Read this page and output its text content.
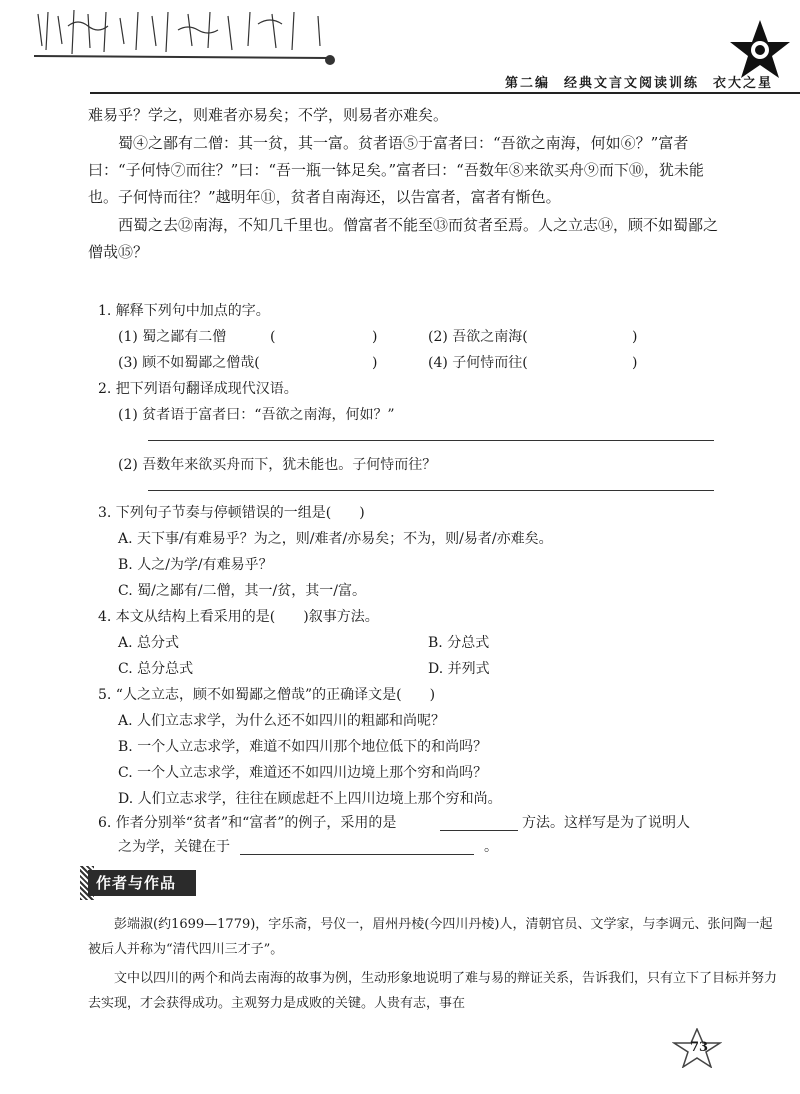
第二编 经典文言文阅读训练 衣大之星
难易乎？学之，则难者亦易矣；不学，则易者亦难矣。
蜀④之鄙有二僧：其一贫，其一富。贫者语⑤于富者曰：“吾欲之南海，何如⑥？”富者曰：“子何恃⑦而往？”曰：“吾一瓶一钵足矣。”富者曰：“吾数年⑧来欲买舟⑨而下⑩，犹未能也。子何恃而往？”越明年⑪，贫者自南海还，以告富者，富者有惭色。
西蜀之去⑫南海，不知几千里也。僧富者不能至⑬而贫者至焉。人之立志⑭，顾不如蜀鄙之僧哉⑮？
1. 解释下列句中加点的字。
(1) 蜀之鄙有二僧	(	)	(2) 吾欲之南海(	)
(3) 顾不如蜀鄙之僧哉(	)	(4) 子何恃而往(	)
2. 把下列语句翻译成现代汉语。
(1) 贫者语于富者曰：“吾欲之南海，何如？”
(2) 吾数年来欲买舟而下，犹未能也。子何恃而往？
3. 下列句子节奏与停顿错误的一组是(　　)
A. 天下事/有难易乎？为之，则/难者/亦易矣；不为，则/易者/亦难矣。
B. 人之/为学/有难易乎？
C. 蜀/之鄙有/二僧，其一/贫，其一/富。
4. 本文从结构上看采用的是(　　)叙事方法。
A. 总分式	B. 分总式
C. 总分总式	D. 并列式
5. “人之立志，顾不如蜀鄙之僧哉”的正确译文是(　　)
A. 人们立志求学，为什么还不如四川的粗鄙和尚呢？
B. 一个人立志求学，难道不如四川那个地位低下的和尚吗？
C. 一个人立志求学，难道还不如四川边境上那个穷和尚吗？
D. 人们立志求学，往往在顾虑赶不上四川边境上那个穷和尚。
6. 作者分别举“贫者”和“富者”的例子，采用的是	方法。这样写是为了说明人
之为学，关键在于	。
作者与作品
彭端淑(约1699—1779)，字乐斋，号仪一，眉州丹棱(今四川丹棱)人，清朝官员、文学家，与李调元、张问陶一起被后人并称为“清代四川三才子”。
文中以四川的两个和尚去南海的故事为例，生动形象地说明了难与易的辩证关系，告诉我们，只有立下了目标并努力去实现，才会获得成功。主观努力是成败的关键。人贵有志，事在
73
